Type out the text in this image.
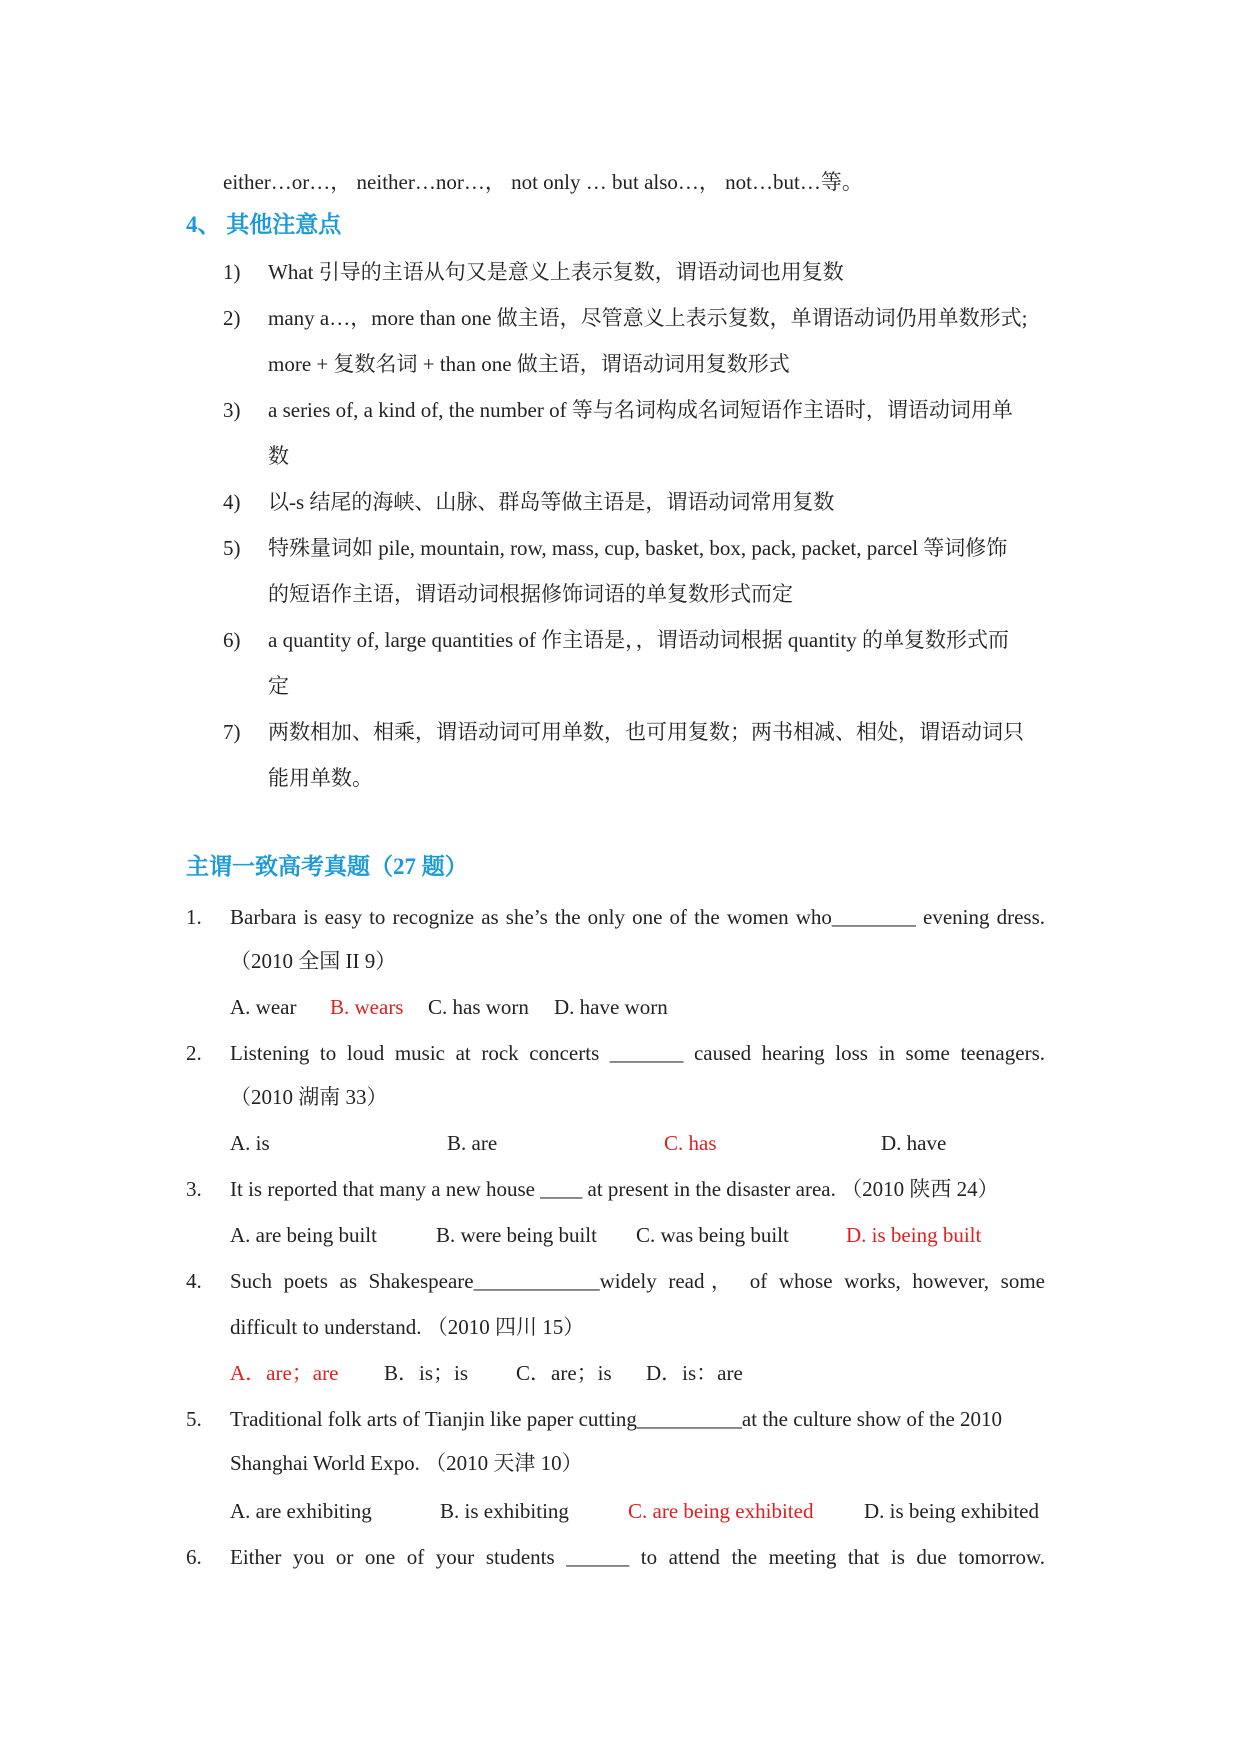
either…or…， neither…nor…， not only … but also…， not…but…等。
4、 其他注意点
1) What 引导的主语从句又是意义上表示复数，谓语动词也用复数
2) many a…，more than one 做主语，尽管意义上表示复数，单谓语动词仍用单数形式;
more + 复数名词 + than one 做主语，谓语动词用复数形式
3) a series of, a kind of, the number of 等与名词构成名词短语作主语时，谓语动词用单
数
4) 以-s 结尾的海峡、山脉、群岛等做主语是，谓语动词常用复数
5) 特殊量词如 pile, mountain, row, mass, cup, basket, box, pack, packet, parcel 等词修饰
的短语作主语，谓语动词根据修饰词语的单复数形式而定
6) a quantity of, large quantities of 作主语是，，谓语动词根据 quantity 的单复数形式而
定
7) 两数相加、相乘，谓语动词可用单数，也可用复数；两书相减、相处，谓语动词只
能用单数。
主谓一致高考真题（27 题）
1. Barbara is easy to recognize as she’s the only one of the women who________ evening dress.
（2010 全国 II 9）
A. wear B. wears C. has worn D. have worn
2. Listening to loud music at rock concerts _______ caused hearing loss in some teenagers.
（2010 湖南 33）
A. is	B. are	C. has	D. have
3. It is reported that many a new house ____ at present in the disaster area. （2010 陕西 24）
A. are being built	B. were being built C. was being built	D. is being built
4. Such poets as Shakespeare____________widely read， of whose works, however, some
difficult to understand. （2010 四川 15）
A．are；are B．is；is C．are；is D．is：are
5. Traditional folk arts of Tianjin like paper cutting__________at the culture show of the 2010
Shanghai World Expo. （2010 天津 10）
A. are exhibiting	B. is exhibiting	C. are being exhibited D. is being exhibited
6. Either you or one of your students ______ to attend the meeting that is due tomorrow.
